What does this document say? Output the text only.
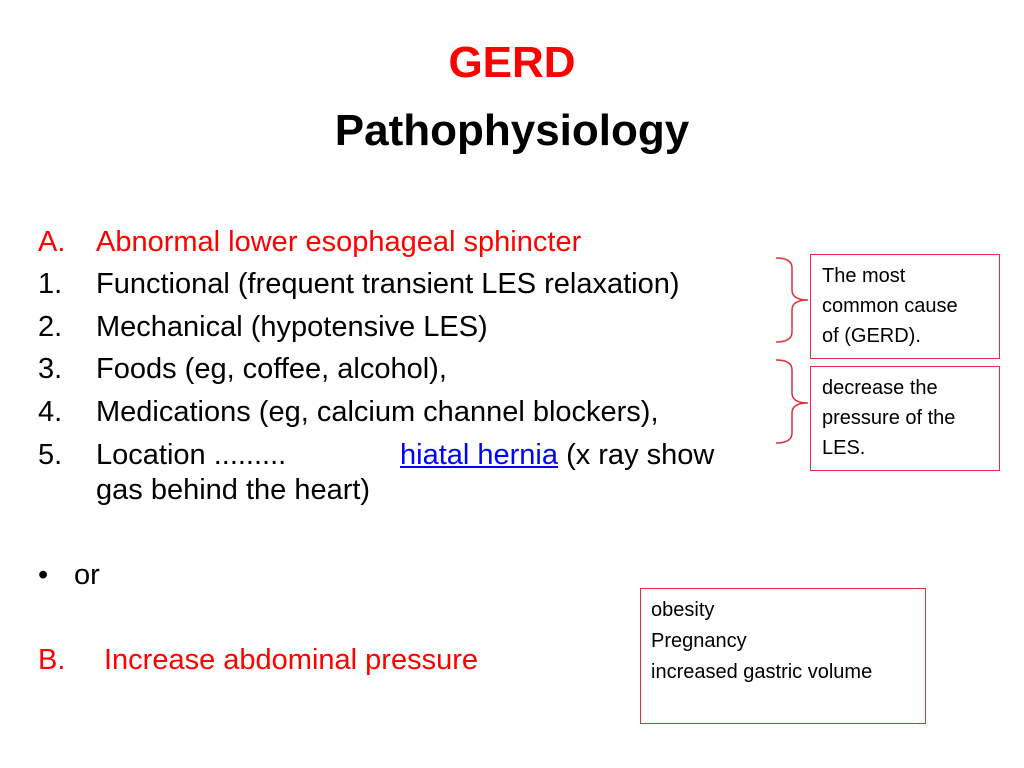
GERD
Pathophysiology
A. Abnormal lower esophageal sphincter
1. Functional (frequent transient LES relaxation)
2. Mechanical (hypotensive LES)
3. Foods (eg, coffee, alcohol),
4. Medications (eg, calcium channel blockers),
5. Location .........	hiatal hernia (x ray show
gas behind the heart)
• or
B. Increase abdominal pressure
The most
common cause
of (GERD).
decrease the
pressure of the
LES.
obesity
Pregnancy
increased gastric volume
